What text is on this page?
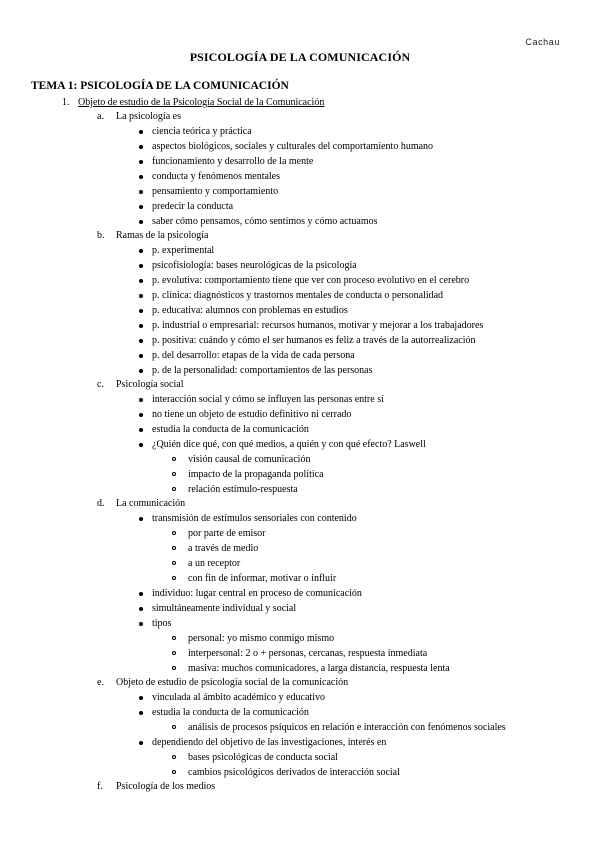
Cachau
PSICOLOGÍA DE LA COMUNICACIÓN
TEMA 1: PSICOLOGÍA DE LA COMUNICACIÓN
1. Objeto de estudio de la Psicología Social de la Comunicación
a. La psicología es
ciencia teórica y práctica
aspectos biológicos, sociales y culturales del comportamiento humano
funcionamiento y desarrollo de la mente
conducta y fenómenos mentales
pensamiento y comportamiento
predecir la conducta
saber cómo pensamos, cómo sentimos y cómo actuamos
b. Ramas de la psicología
p. experimental
psicofisiología: bases neurológicas de la psicología
p. evolutiva: comportamiento tiene que ver con proceso evolutivo en el cerebro
p. clínica: diagnósticos y trastornos mentales de conducta o personalidad
p. educativa: alumnos con problemas en estudios
p. industrial o empresarial: recursos humanos, motivar y mejorar a los trabajadores
p. positiva: cuándo y cómo el ser humanos es feliz a través de la autorrealización
p. del desarrollo: etapas de la vida de cada persona
p. de la personalidad: comportamientos de las personas
c. Psicología social
interacción social y cómo se influyen las personas entre sí
no tiene un objeto de estudio definitivo ni cerrado
estudia la conducta de la comunicación
¿Quién dice qué, con qué medios, a quién y con qué efecto? Laswell
visión causal de comunicación
impacto de la propaganda política
relación estímulo-respuesta
d. La comunicación
transmisión de estímulos sensoriales con contenido
por parte de emisor
a través de medio
a un receptor
con fin de informar, motivar o influir
individuo: lugar central en proceso de comunicación
simultáneamente individual y social
tipos
personal: yo mismo conmigo mismo
interpersonal: 2 o + personas, cercanas, respuesta inmediata
masiva: muchos comunicadores, a larga distancia, respuesta lenta
e. Objeto de estudio de psicología social de la comunicación
vinculada al ámbito académico y educativo
estudia la conducta de la comunicación
análisis de procesos psíquicos en relación e interacción con fenómenos sociales
dependiendo del objetivo de las investigaciones, interés en
bases psicológicas de conducta social
cambios psicológicos derivados de interacción social
f. Psicología de los medios
